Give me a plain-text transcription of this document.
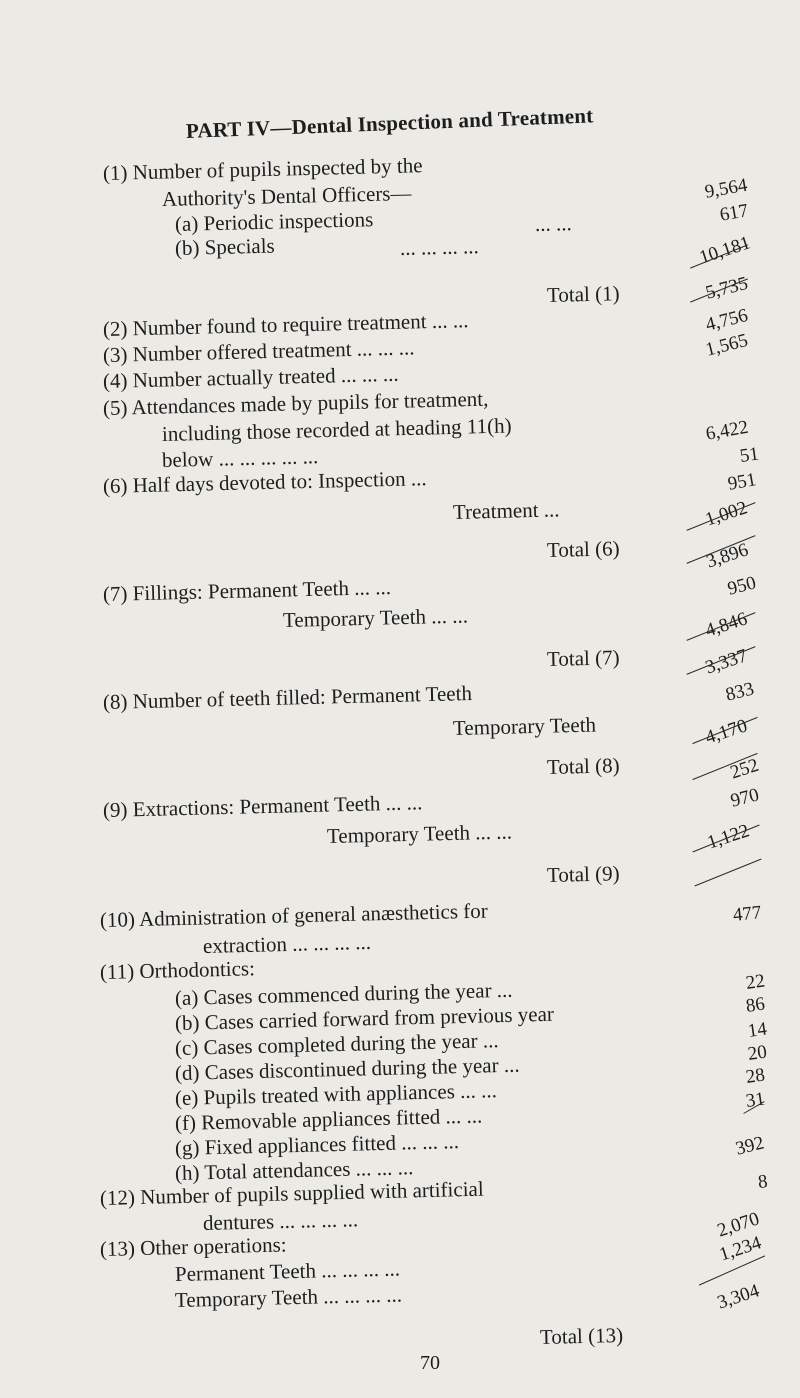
PART IV—Dental Inspection and Treatment
(1) Number of pupils inspected by the
Authority's Dental Officers—
(a) Periodic inspections	... ...
(b) Specials	... ... ... ...
Total (1)
(2) Number found to require treatment ... ...
(3) Number offered treatment ... ... ...
(4) Number actually treated ... ... ...
(5) Attendances made by pupils for treatment,
including those recorded at heading 11(h)
below ... ... ... ... ...
(6) Half days devoted to: Inspection ...
Treatment ...
Total (6)
(7) Fillings: Permanent Teeth ... ...
Temporary Teeth ... ...
Total (7)
(8) Number of teeth filled: Permanent Teeth
Temporary Teeth
Total (8)
(9) Extractions: Permanent Teeth ... ...
Temporary Teeth ... ...
Total (9)
(10) Administration of general anæsthetics for
extraction ... ... ... ...
(11) Orthodontics:
(a) Cases commenced during the year ...
(b) Cases carried forward from previous year
(c) Cases completed during the year ...
(d) Cases discontinued during the year ...
(e) Pupils treated with appliances ... ...
(f) Removable appliances fitted ... ...
(g) Fixed appliances fitted ... ... ...
(h) Total attendances ... ... ...
(12) Number of pupils supplied with artificial
dentures ... ... ... ...
(13) Other operations:
Permanent Teeth ... ... ... ...
Temporary Teeth ... ... ... ...
Total (13)
9,564
617
10,181
5,735
4,756
1,565
6,422
51
951
1,002
3,896
950
4,846
3,337
833
4,170
252
970
1,122
477
22
86
14
20
28
31
392
8
2,070
1,234
3,304
70
